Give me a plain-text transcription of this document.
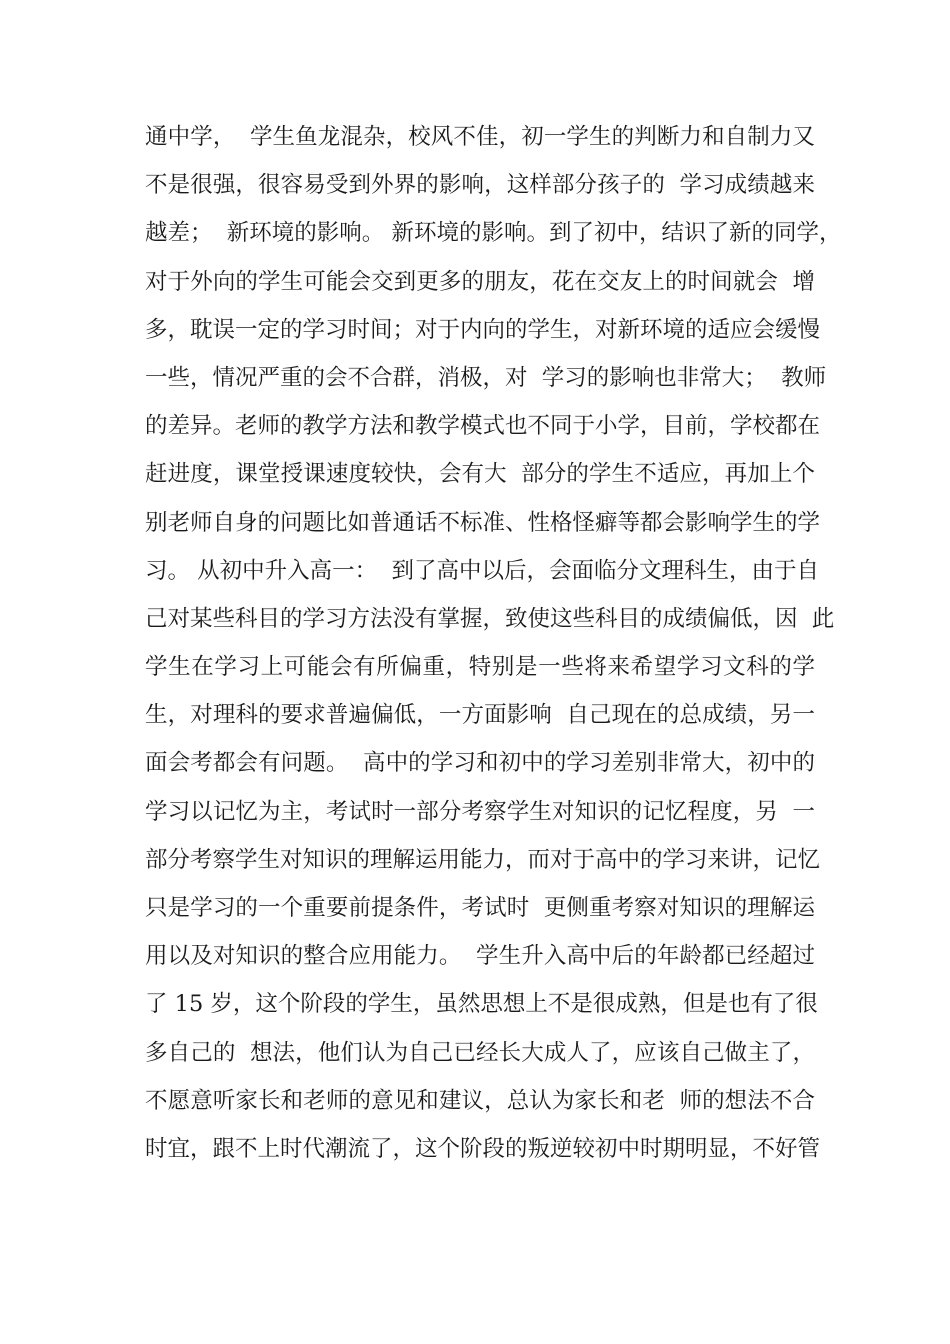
通中学，  学生鱼龙混杂，校风不佳，初一学生的判断力和自制力又
不是很强，很容易受到外界的影响，这样部分孩子的  学习成绩越来
越差；  新环境的影响。 新环境的影响。到了初中，结识了新的同学，
对于外向的学生可能会交到更多的朋友，花在交友上的时间就会  增
多，耽误一定的学习时间；对于内向的学生，对新环境的适应会缓慢
一些，情况严重的会不合群，消极，对  学习的影响也非常大；  教师
的差异。老师的教学方法和教学模式也不同于小学，目前，学校都在
赶进度，课堂授课速度较快，会有大  部分的学生不适应，再加上个
别老师自身的问题比如普通话不标准、性格怪癖等都会影响学生的学
习。 从初中升入高一：  到了高中以后，会面临分文理科生，由于自
己对某些科目的学习方法没有掌握，致使这些科目的成绩偏低，因  此
学生在学习上可能会有所偏重，特别是一些将来希望学习文科的学
生，对理科的要求普遍偏低，一方面影响  自己现在的总成绩，另一
面会考都会有问题。  高中的学习和初中的学习差别非常大，初中的
学习以记忆为主，考试时一部分考察学生对知识的记忆程度，另  一
部分考察学生对知识的理解运用能力，而对于高中的学习来讲，记忆
只是学习的一个重要前提条件，考试时  更侧重考察对知识的理解运
用以及对知识的整合应用能力。  学生升入高中后的年龄都已经超过
了 15 岁，这个阶段的学生，虽然思想上不是很成熟，但是也有了很
多自己的  想法，他们认为自己已经长大成人了，应该自己做主了，
不愿意听家长和老师的意见和建议，总认为家长和老  师的想法不合
时宜，跟不上时代潮流了，这个阶段的叛逆较初中时期明显，不好管
